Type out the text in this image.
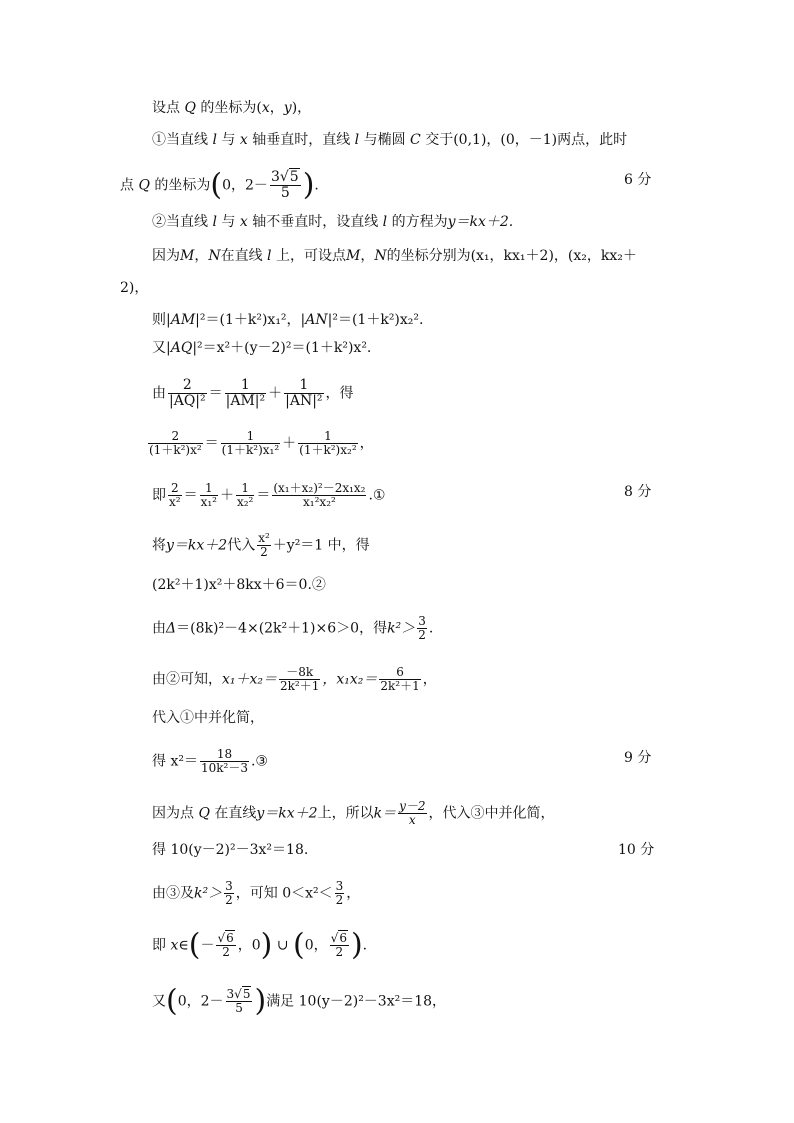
设点 Q 的坐标为(x，y)，
①当直线 l 与 x 轴垂直时，直线 l 与椭圆 C 交于(0,1)，(0，－1)两点，此时
点 Q 的坐标为(0，$2- \frac{3√5}{5}$ ).	6 分
②当直线 l 与 x 轴不垂直时，设直线 l 的方程为y＝kx＋2.
因为M，N在直线 l 上，可设点M，N的坐标分别为(x₁，kx₁＋2)，(x₂，kx₂＋
2)，
则|AM|²＝(1＋k²)x₁²，|AN|²＝(1＋k²)x₂².
又|AQ|²＝x²＋(y－2)²＝(1＋k²)x².
由 $\frac{2}{\text{|AQ|²}} = \frac{1}{\text{|AM|²}} + \frac{1}{\text{|AN|²}}$ ，得
$\frac{2}{\text{(1＋k²)x²}} = \frac{1}{\text{(1＋k²)x₁²}} + \frac{1}{\text{(1＋k²)x₂²}}$ ，
即 $\frac{2}{\text{x²}} = \frac{1}{\text{x₁²}} + \frac{1}{\text{x₂²}} = \frac{\text{(x₁＋x₂)²－2x₁x₂}}{\text{x₁²x₂²}}$ .①	8 分
将y＝kx＋2代入 $\frac{\text{x²}}{2} +y^2=1$ 中，得
(2k²＋1)x²＋8kx＋6＝0.②
由Δ＝(8k)²－4×(2k²＋1)×6＞0，得$k^2> \frac{3}{2}$ .
由②可知，$x_1+x_2= \frac{-8k}{\text{2k²＋1}}$ ，$x_1x_2= \frac{6}{\text{2k²＋1}}$ ，
代入①中并化简，
得 $x^2= \frac{18}{\text{10k²－3}}$ .③	9 分
因为点 Q 在直线y＝kx＋2上，所以$k= \frac{y-2}{x}$ ，代入③中并化简，
得 10(y－2)²－3x²＝18.	10 分
由③及$k^2> \frac{3}{2}$ ，可知 $0<x^2< \frac{3}{2}$ ，
即 x∈(－ $\frac{√6}{2}$ ，0) ∪ (0， $\frac{√6}{2}$ ).
又(0，$2- \frac{3√5}{5}$ )满足 10(y－2)²－3x²＝18，
